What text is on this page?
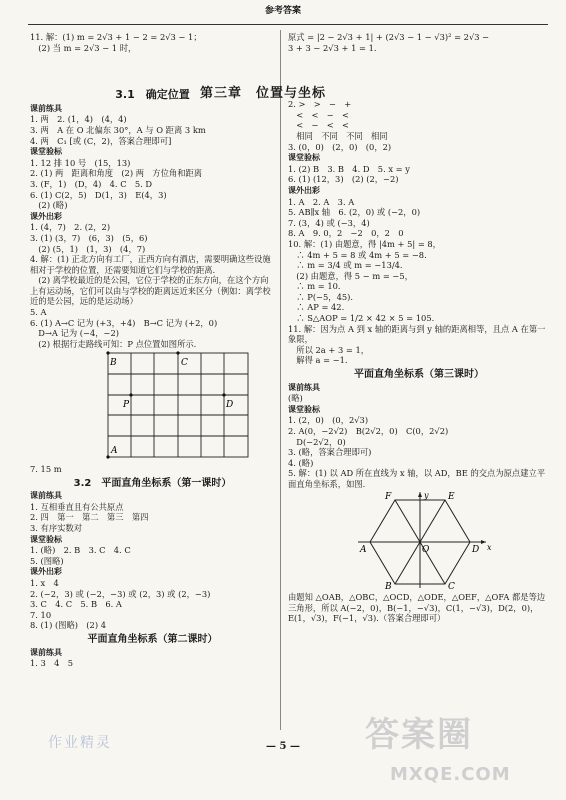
参考答案
第三章　位置与坐标
11. 解：(1) m = 2√3 + 1 − 2 = 2√3 − 1；
　(2) 当 m = 2√3 − 1 时，
3.1　确定位置
课前练具
1. 两　2. (1，4)　(4，4)
3. 两　A 在 O 北偏东 30°，A 与 O 距离 3 km
4. 两　C₁ [或 (C，2)，答案合理即可]
课堂验标
1. 12 排 10 号　(15，13)
2. (1) 两　距离和角度　(2) 两　方位角和距离
3. (F，1)　(D，4)　4. C　5. D
6. (1) C(2，5)　D(1，3)　E(4，3)
　(2) (略)
课外出彩
1. (4，7)　2. (2，2)
3. (1) (3，7)　(6，3)　(5，6)
　(2) (5，1)　(1，3)　(4，7)
4. 解：(1) 正北方向有工厂，正西方向有酒店，需要明确这些设施相对于学校的位置，还需要知道它们与学校的距离.
　(2) 离学校最近的是公园，它位于学校的正东方向，在这个方向上有运动场，它们可以由与学校的距离远近来区分（例如：离学校近的是公园，远的是运动场）
5. A
6. (1) A→C 记为 (+3，+4)　B→C 记为 (+2，0)
　D→A 记为 (−4，−2)
　(2) 根据行走路线可知：P 点位置如图所示.
B	C
P	D
A
7. 15 m
3.2　平面直角坐标系（第一课时）
课前练具
1. 互相垂直且有公共原点
2. 四　第一　第二　第三　第四
3. 有序实数对
课堂验标
1. (略)　2. B　3. C　4. C
5. (图略)
课外出彩
1. x　4
2. (−2，3) 或 (−2，−3) 或 (2，3) 或 (2，−3)
3. C　4. C　5. B　6. A
7. 10
8. (1) (图略)　(2) 4
平面直角坐标系（第二课时）
课前练具
1. 3　4　5
原式 = |2 − 2√3 + 1| + (2√3 − 1 − √3)² = 2√3 −
3 + 3 − 2√3 + 1 = 1.
2. >　>　−　+
　<　<　−　<
　<　−　<　<
　相同　不同　不同　相同
3. (0，0)　(2，0)　(0，2)
课堂验标
1. (2) B　3. B　4. D　5. x = y
6. (1) (12，3)　(2) (2，−2)
课外出彩
1. A　2. A　3. A
5. AB∥x 轴　6. (2，0) 或 (−2，0)
7. (3，4) 或 (−3，4)
8. A　9. 0，2　−2　0，2　0
10. 解：(1) 由题意，得 |4m + 5| = 8，
　∴ 4m + 5 = 8 或 4m + 5 = −8.
　∴ m = 3/4 或 m = −13/4.
　(2) 由题意，得 5 − m = −5，
　∴ m = 10.
　∴ P(−5，45).
　∴ AP = 42.
　∴ S△AOP = 1/2 × 42 × 5 = 105.
11. 解：因为点 A 到 x 轴的距离与到 y 轴的距离相等，且点 A 在第一象限，
　所以 2a + 3 = 1，
　解得 a = −1.
平面直角坐标系（第三课时）
课前练具
(略)
课堂验标
1. (2，0)　(0，2√3)
2. A(0，−2√2)　B(2√2，0)　C(0，2√2)
　D(−2√2，0)
3. (略，答案合理即可)
4. (略)
5. 解：(1) 以 AD 所在直线为 x 轴，以 AD，BE 的交点为原点建立平面直角坐标系，如图.
F	E
A	O	D
C
B
x
y
由题知 △OAB，△OBC，△OCD，△ODE，△OEF，△OFA 都是等边三角形，所以 A(−2，0)，B(−1，−√3)，C(1，−√3)，D(2，0)，E(1，√3)，F(−1，√3).（答案合理即可）
— 5 —	答案圈
MXQE.COM
作业精灵
